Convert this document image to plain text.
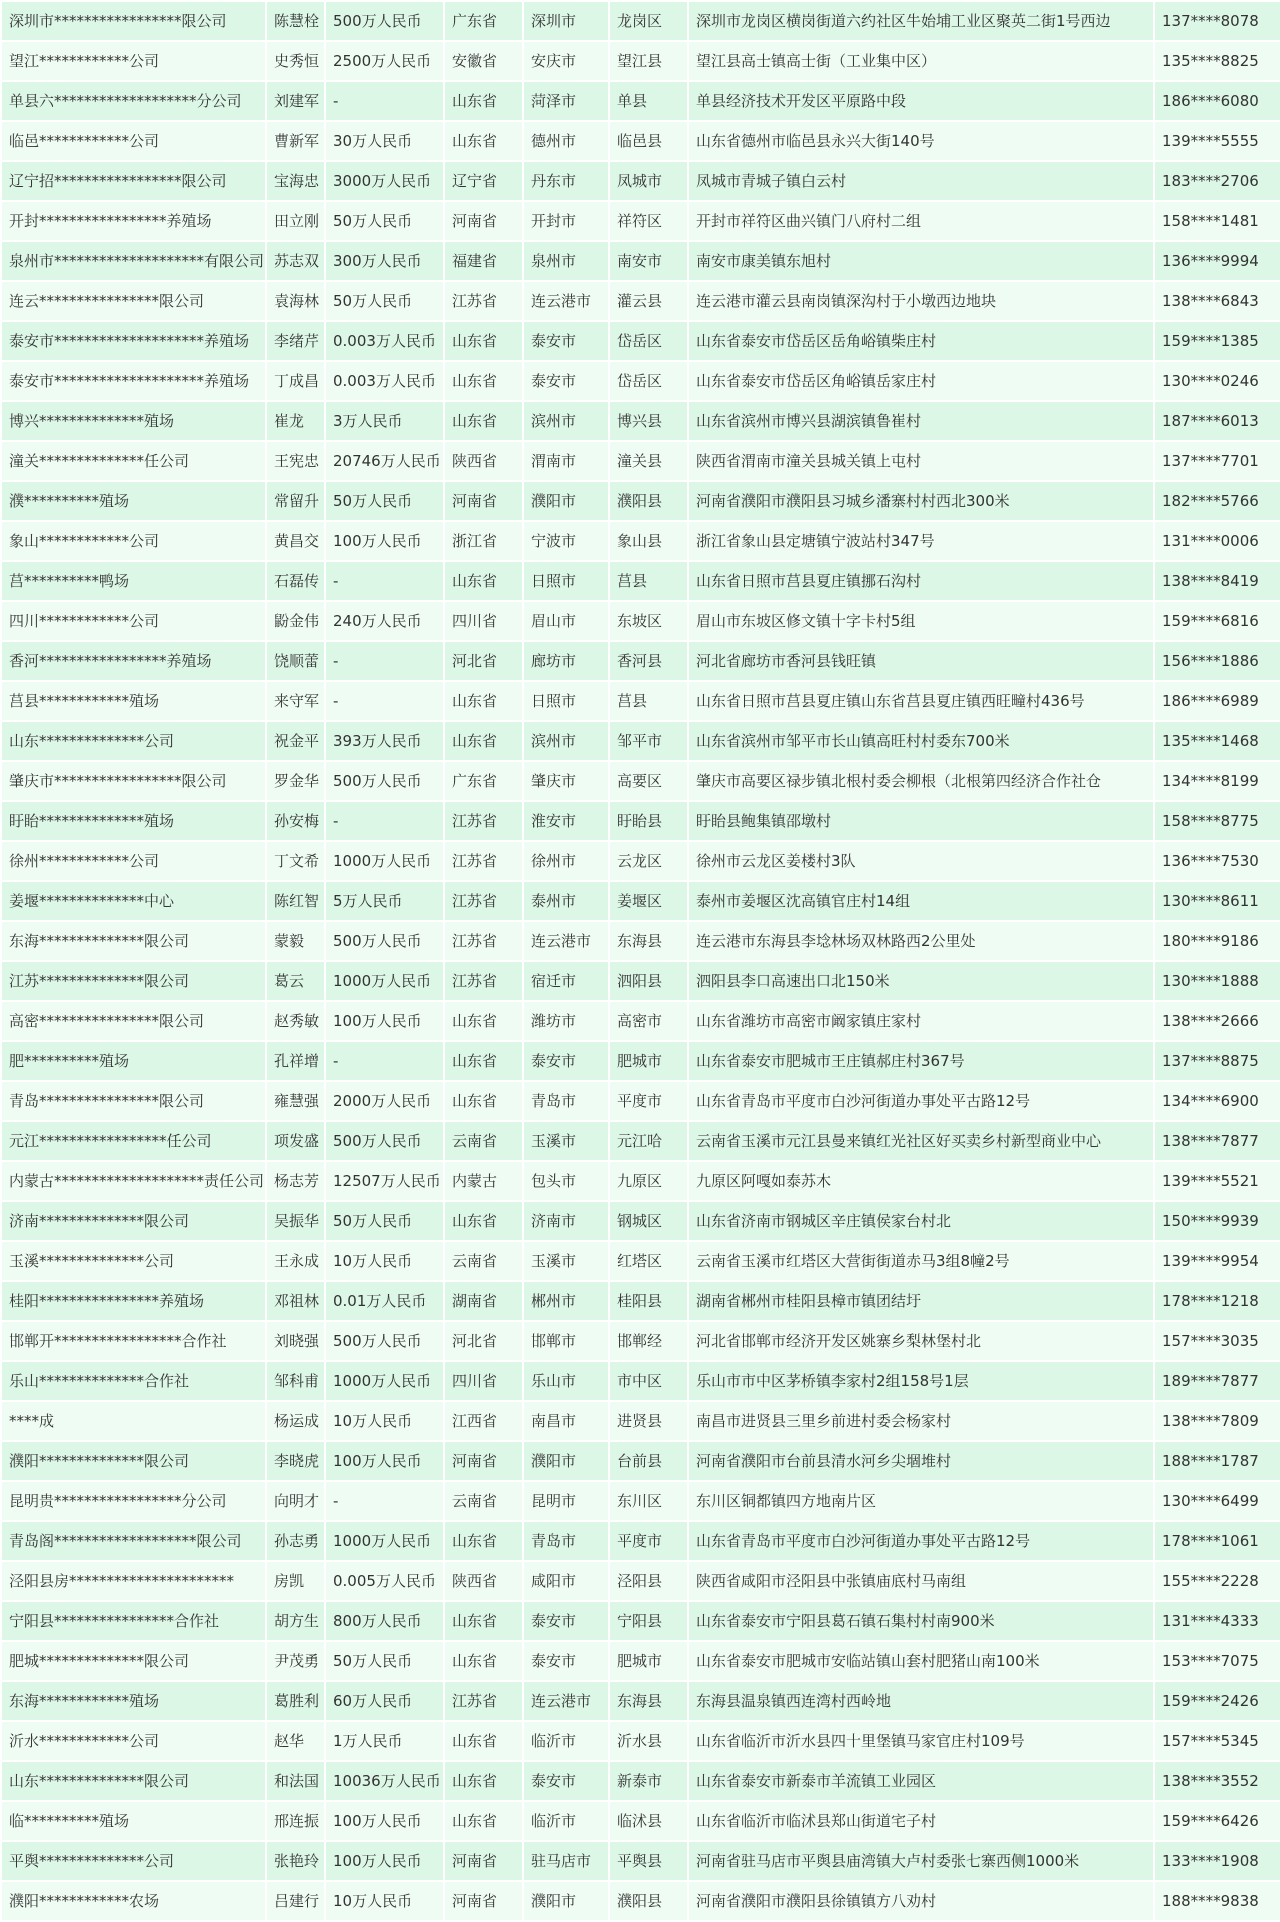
深圳市*****************限公司	陈慧栓	500万人民币	广东省	深圳市	龙岗区	深圳市龙岗区横岗街道六约社区牛始埔工业区聚英二街1号西边	137****8078
望江************公司	史秀恒	2500万人民币	安徽省	安庆市	望江县	望江县高士镇高士街（工业集中区）	135****8825
单县六*******************分公司	刘建军	-	山东省	菏泽市	单县	单县经济技术开发区平原路中段	186****6080
临邑************公司	曹新军	30万人民币	山东省	德州市	临邑县	山东省德州市临邑县永兴大街140号	139****5555
辽宁招*****************限公司	宝海忠	3000万人民币	辽宁省	丹东市	凤城市	凤城市青城子镇白云村	183****2706
开封*****************养殖场	田立刚	50万人民币	河南省	开封市	祥符区	开封市祥符区曲兴镇门八府村二组	158****1481
泉州市********************有限公司	苏志双	300万人民币	福建省	泉州市	南安市	南安市康美镇东旭村	136****9994
连云****************限公司	袁海林	50万人民币	江苏省	连云港市	灌云县	连云港市灌云县南岗镇深沟村于小墩西边地块	138****6843
泰安市********************养殖场	李绪芹	0.003万人民币	山东省	泰安市	岱岳区	山东省泰安市岱岳区岳角峪镇柴庄村	159****1385
泰安市********************养殖场	丁成昌	0.003万人民币	山东省	泰安市	岱岳区	山东省泰安市岱岳区角峪镇岳家庄村	130****0246
博兴**************殖场	崔龙	3万人民币	山东省	滨州市	博兴县	山东省滨州市博兴县湖滨镇鲁崔村	187****6013
潼关**************任公司	王宪忠	20746万人民币	陕西省	渭南市	潼关县	陕西省渭南市潼关县城关镇上屯村	137****7701
濮**********殖场	常留升	50万人民币	河南省	濮阳市	濮阳县	河南省濮阳市濮阳县习城乡潘寨村村西北300米	182****5766
象山************公司	黄昌交	100万人民币	浙江省	宁波市	象山县	浙江省象山县定塘镇宁波站村347号	131****0006
莒**********鸭场	石磊传	-	山东省	日照市	莒县	山东省日照市莒县夏庄镇挪石沟村	138****8419
四川************公司	鼢金伟	240万人民币	四川省	眉山市	东坡区	眉山市东坡区修文镇十字卡村5组	159****6816
香河*****************养殖场	饶顺蕾	-	河北省	廊坊市	香河县	河北省廊坊市香河县钱旺镇	156****1886
莒县************殖场	来守军	-	山东省	日照市	莒县	山东省日照市莒县夏庄镇山东省莒县夏庄镇西旺疃村436号	186****6989
山东**************公司	祝金平	393万人民币	山东省	滨州市	邹平市	山东省滨州市邹平市长山镇高旺村村委东700米	135****1468
肇庆市*****************限公司	罗金华	500万人民币	广东省	肇庆市	高要区	肇庆市高要区禄步镇北根村委会柳根（北根第四经济合作社仓	134****8199
盱眙**************殖场	孙安梅	-	江苏省	淮安市	盱眙县	盱眙县鲍集镇邵墩村	158****8775
徐州************公司	丁文希	1000万人民币	江苏省	徐州市	云龙区	徐州市云龙区姜楼村3队	136****7530
姜堰**************中心	陈红智	5万人民币	江苏省	泰州市	姜堰区	泰州市姜堰区沈高镇官庄村14组	130****8611
东海**************限公司	蒙毅	500万人民币	江苏省	连云港市	东海县	连云港市东海县李埝林场双林路西2公里处	180****9186
江苏**************限公司	葛云	1000万人民币	江苏省	宿迁市	泗阳县	泗阳县李口高速出口北150米	130****1888
高密****************限公司	赵秀敏	100万人民币	山东省	潍坊市	高密市	山东省潍坊市高密市阚家镇庄家村	138****2666
肥**********殖场	孔祥增	-	山东省	泰安市	肥城市	山东省泰安市肥城市王庄镇郝庄村367号	137****8875
青岛****************限公司	雍慧强	2000万人民币	山东省	青岛市	平度市	山东省青岛市平度市白沙河街道办事处平古路12号	134****6900
元江*****************任公司	项发盛	500万人民币	云南省	玉溪市	元江哈	云南省玉溪市元江县曼来镇红光社区好买卖乡村新型商业中心	138****7877
内蒙古********************责任公司	杨志芳	12507万人民币	内蒙古	包头市	九原区	九原区阿嘎如泰苏木	139****5521
济南**************限公司	吴振华	50万人民币	山东省	济南市	钢城区	山东省济南市钢城区辛庄镇侯家台村北	150****9939
玉溪**************公司	王永成	10万人民币	云南省	玉溪市	红塔区	云南省玉溪市红塔区大营街街道赤马3组8幢2号	139****9954
桂阳****************养殖场	邓祖林	0.01万人民币	湖南省	郴州市	桂阳县	湖南省郴州市桂阳县樟市镇团结圩	178****1218
邯郸开*****************合作社	刘晓强	500万人民币	河北省	邯郸市	邯郸经	河北省邯郸市经济开发区姚寨乡梨林堡村北	157****3035
乐山**************合作社	邹科甫	1000万人民币	四川省	乐山市	市中区	乐山市市中区茅桥镇李家村2组158号1层	189****7877
****成	杨运成	10万人民币	江西省	南昌市	进贤县	南昌市进贤县三里乡前进村委会杨家村	138****7809
濮阳**************限公司	李晓虎	100万人民币	河南省	濮阳市	台前县	河南省濮阳市台前县清水河乡尖堌堆村	188****1787
昆明贵*****************分公司	向明才	-	云南省	昆明市	东川区	东川区铜都镇四方地南片区	130****6499
青岛阁*******************限公司	孙志勇	1000万人民币	山东省	青岛市	平度市	山东省青岛市平度市白沙河街道办事处平古路12号	178****1061
泾阳县房**********************	房凯	0.005万人民币	陕西省	咸阳市	泾阳县	陕西省咸阳市泾阳县中张镇庙底村马南组	155****2228
宁阳县****************合作社	胡方生	800万人民币	山东省	泰安市	宁阳县	山东省泰安市宁阳县葛石镇石集村村南900米	131****4333
肥城**************限公司	尹茂勇	50万人民币	山东省	泰安市	肥城市	山东省泰安市肥城市安临站镇山套村肥猪山南100米	153****7075
东海************殖场	葛胜利	60万人民币	江苏省	连云港市	东海县	东海县温泉镇西连湾村西岭地	159****2426
沂水************公司	赵华	1万人民币	山东省	临沂市	沂水县	山东省临沂市沂水县四十里堡镇马家官庄村109号	157****5345
山东**************限公司	和法国	10036万人民币	山东省	泰安市	新泰市	山东省泰安市新泰市羊流镇工业园区	138****3552
临**********殖场	邢连振	100万人民币	山东省	临沂市	临沭县	山东省临沂市临沭县郑山街道宅子村	159****6426
平舆**************公司	张艳玲	100万人民币	河南省	驻马店市	平舆县	河南省驻马店市平舆县庙湾镇大卢村委张七寨西侧1000米	133****1908
濮阳************农场	吕建行	10万人民币	河南省	濮阳市	濮阳县	河南省濮阳市濮阳县徐镇镇方八劝村	188****9838
